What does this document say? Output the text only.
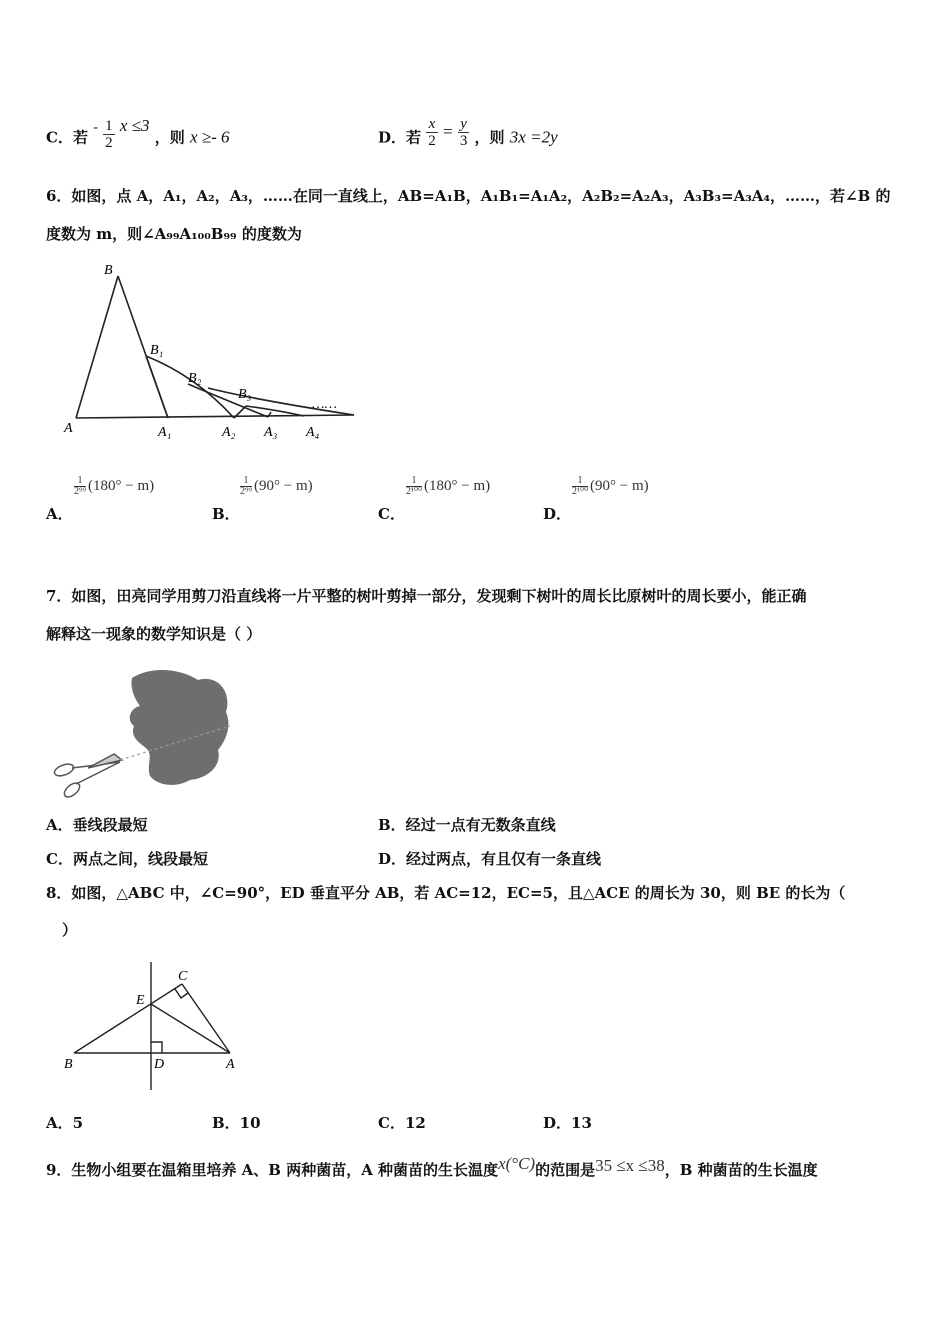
C．若 - $\frac{1}{2}$ x ≤3 ，则 x ≥- 6	D．若 $\frac{x}{2} = \frac{y}{3}$ ，则 3x =2y
6．如图，点 A，A₁，A₂，A₃，……在同一直线上，AB=A₁B，A₁B₁=A₁A₂，A₂B₂=A₂A₃，A₃B₃=A₃A₄，……，若∠B 的
度数为 m，则∠A₉₉A₁₀₀B₉₉ 的度数为
B
B₁
B₂
B₃
A	A₁	A₂ A₃ A₄
……
$\frac{1}{\text{2⁹⁹}} (180^\circ - m)$	$\frac{1}{\text{2⁹⁹}} (90^\circ - m)$	$\frac{1}{\text{2¹⁰⁰}} (180^\circ - m)$	$\frac{1}{\text{2¹⁰⁰}} (90^\circ - m)$
A．	B．	C．	D．
7．如图，田亮同学用剪刀沿直线将一片平整的树叶剪掉一部分，发现剩下树叶的周长比原树叶的周长要小，能正确
解释这一现象的数学知识是（ ）
A．垂线段最短	B．经过一点有无数条直线
C．两点之间，线段最短	D．经过两点，有且仅有一条直线
8．如图，△ABC 中，∠C=90°，ED 垂直平分 AB，若 AC=12，EC=5，且△ACE 的周长为 30，则 BE 的长为（
）
C
E
B	D	A
A．5	B．10	C．12	D．13
9．生物小组要在温箱里培养 A、B 两种菌苗，A 种菌苗的生长温度x(°C)的范围是35 ≤x ≤38，B 种菌苗的生长温度
